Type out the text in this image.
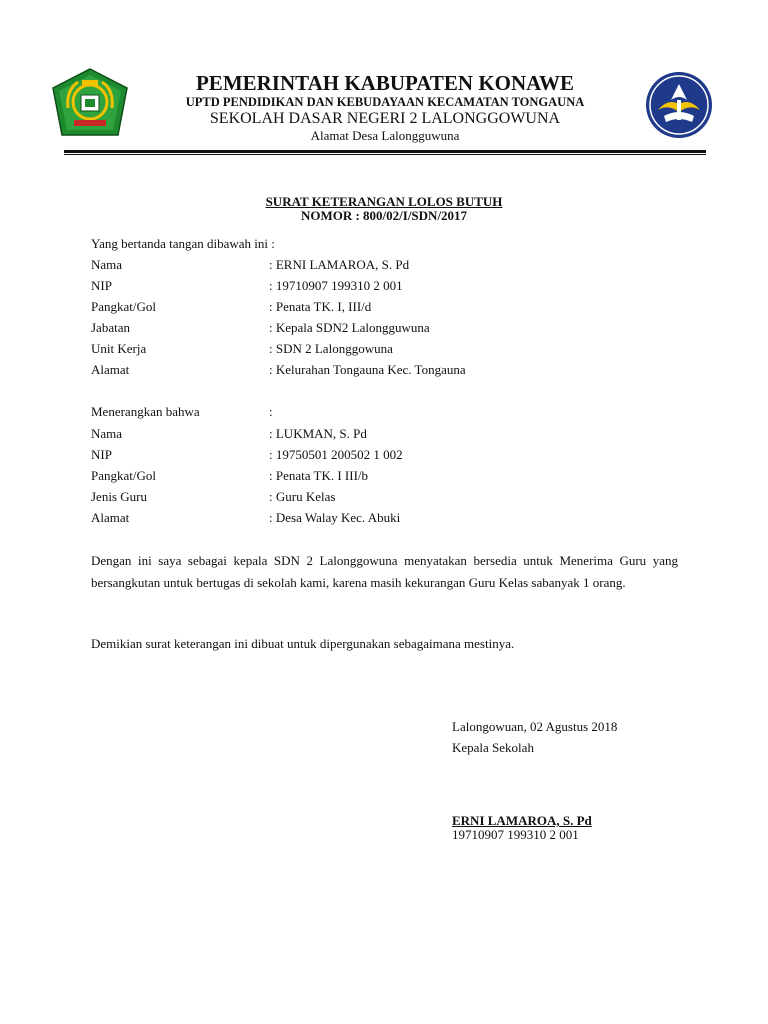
PEMERINTAH KABUPATEN KONAWE
UPTD PENDIDIKAN DAN KEBUDAYAAN KECAMATAN TONGAUNA
SEKOLAH DASAR NEGERI 2 LALONGGOWUNA
Alamat Desa Lalongguwuna
SURAT KETERANGAN LOLOS BUTUH
NOMOR : 800/02/I/SDN/2017
Yang bertanda tangan dibawah ini :
Nama	: ERNI LAMAROA, S. Pd
NIP	: 19710907 199310 2 001
Pangkat/Gol	: Penata TK. I, III/d
Jabatan	: Kepala SDN2 Lalongguwuna
Unit Kerja	: SDN 2 Lalonggowuna
Alamat	: Kelurahan Tongauna Kec. Tongauna
Menerangkan bahwa	:
Nama	: LUKMAN, S. Pd
NIP	: 19750501 200502 1 002
Pangkat/Gol	: Penata TK. I III/b
Jenis Guru	: Guru Kelas
Alamat	: Desa Walay Kec. Abuki
Dengan ini saya sebagai kepala SDN 2 Lalonggowuna menyatakan bersedia untuk Menerima Guru yang bersangkutan untuk bertugas di sekolah kami, karena masih kekurangan Guru Kelas sabanyak 1 orang.
Demikian surat keterangan ini dibuat untuk dipergunakan sebagaimana mestinya.
Lalongowuan, 02 Agustus 2018
Kepala Sekolah
ERNI LAMAROA, S. Pd
19710907 199310 2 001
